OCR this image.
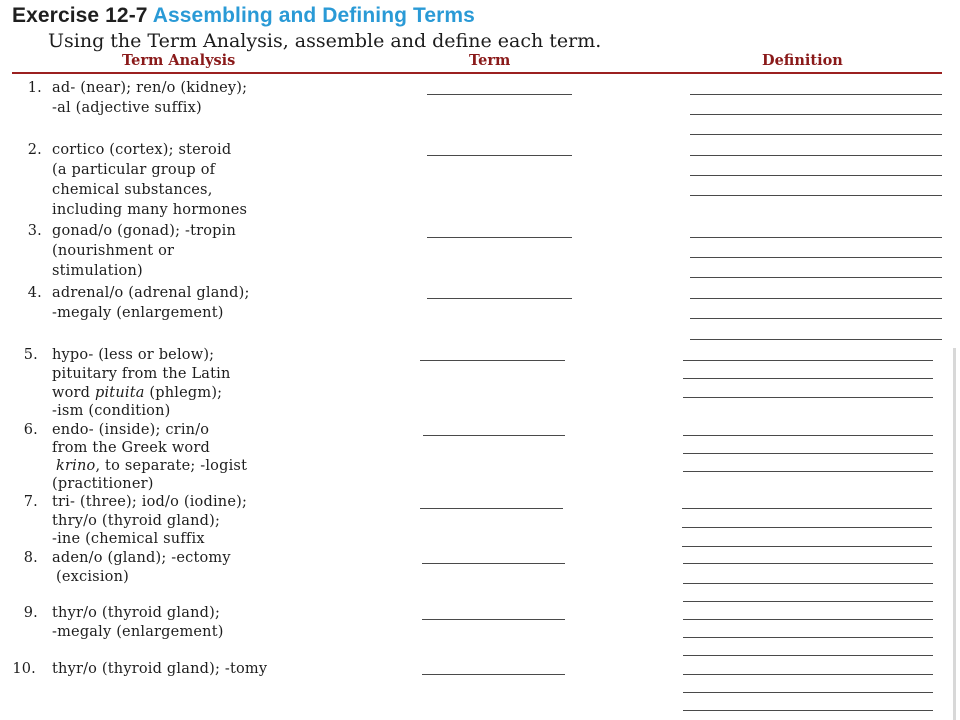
Exercise 12-7 Assembling and Defining Terms
Using the Term Analysis, assemble and define each term.
Term Analysis	Term	Definition
1. ad- (near); ren/o (kidney);
-al (adjective suffix)
2. cortico (cortex); steroid
(a particular group of
chemical substances,
including many hormones
3. gonad/o (gonad); -tropin
(nourishment or
stimulation)
4. adrenal/o (adrenal gland);
-megaly (enlargement)
5. hypo- (less or below);
pituitary from the Latin
word pituita (phlegm);
-ism (condition)
6. endo- (inside); crin/o
from the Greek word
krino, to separate; -logist
(practitioner)
7. tri- (three); iod/o (iodine);
thry/o (thyroid gland);
-ine (chemical suffix
8. aden/o (gland); -ectomy
(excision)
9. thyr/o (thyroid gland);
-megaly (enlargement)
10. thyr/o (thyroid gland); -tomy
